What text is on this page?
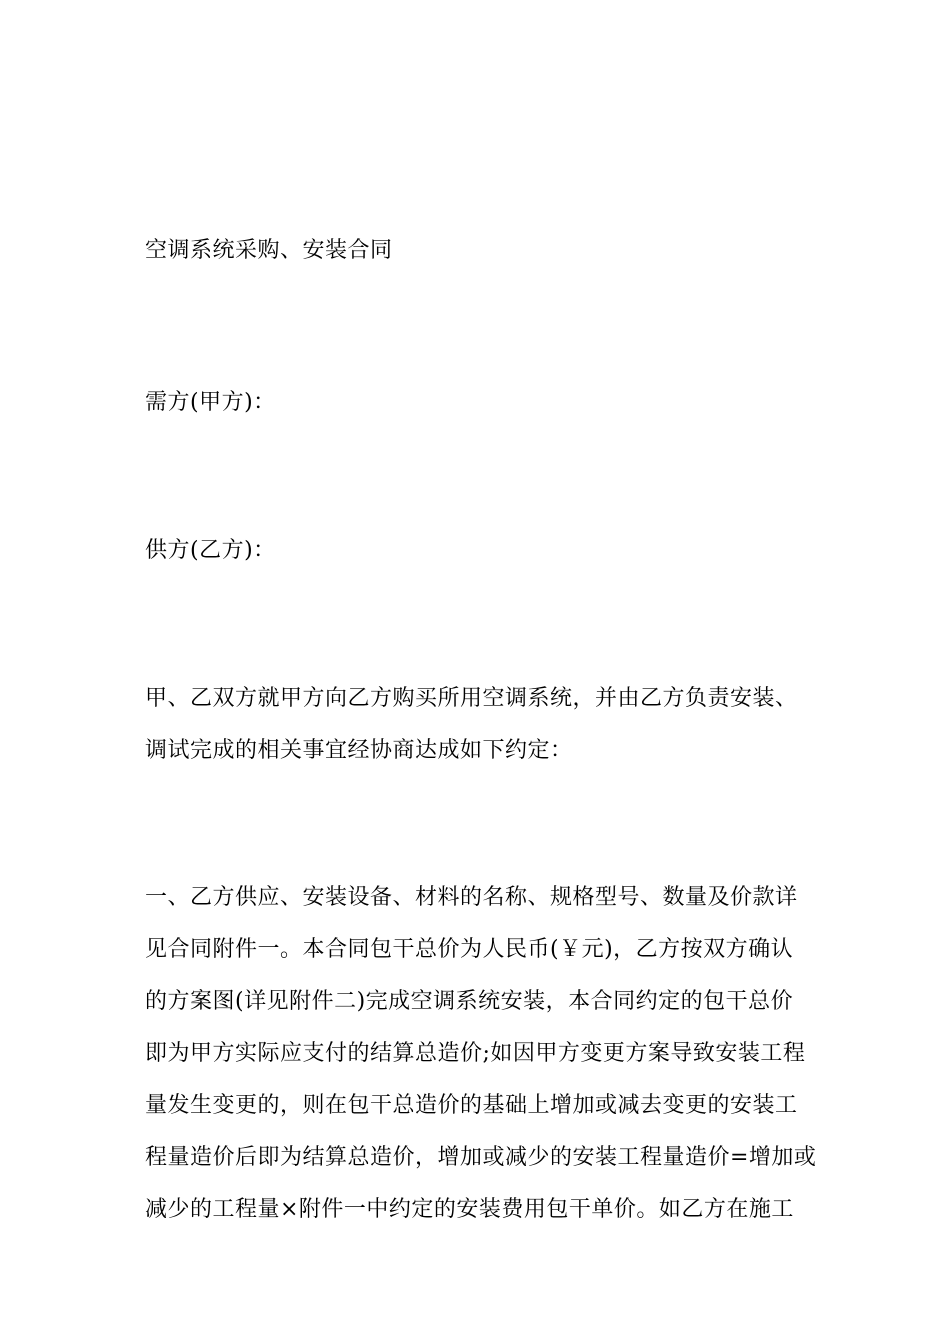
空调系统采购、安装合同
需方(甲方)：
供方(乙方)：
甲、乙双方就甲方向乙方购买所用空调系统，并由乙方负责安装、
调试完成的相关事宜经协商达成如下约定：
一、乙方供应、安装设备、材料的名称、规格型号、数量及价款详
见合同附件一。本合同包干总价为人民币(￥元)，乙方按双方确认
的方案图(详见附件二)完成空调系统安装，本合同约定的包干总价
即为甲方实际应支付的结算总造价;如因甲方变更方案导致安装工程
量发生变更的，则在包干总造价的基础上增加或减去变更的安装工
程量造价后即为结算总造价，增加或减少的安装工程量造价=增加或
减少的工程量×附件一中约定的安装费用包干单价。如乙方在施工
